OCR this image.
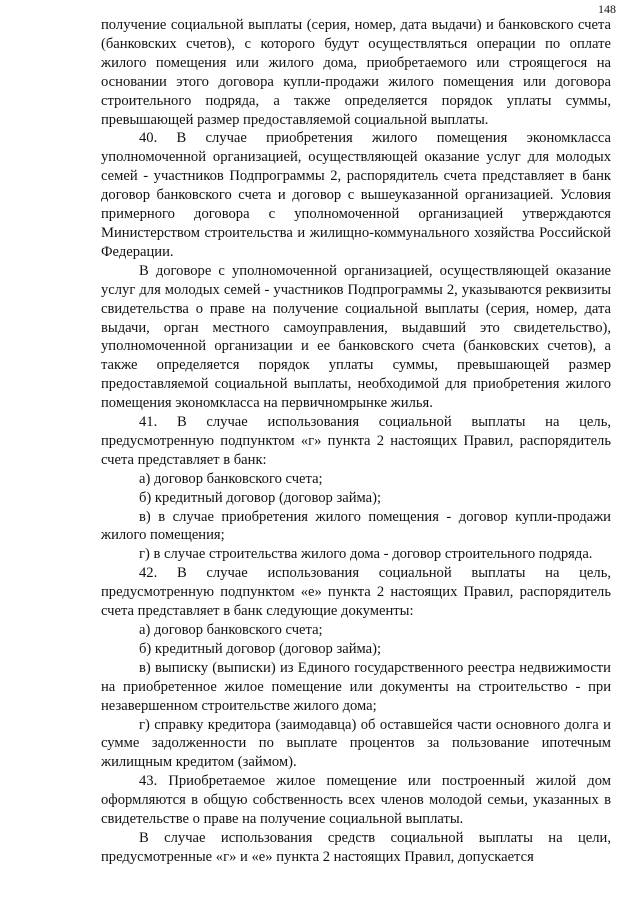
148

получение социальной выплаты (серия, номер, дата выдачи) и банковского счета (банковских счетов), с которого будут осуществляться операции по оплате жилого помещения или жилого дома, приобретаемого или строящегося на основании этого договора купли-продажи жилого помещения или договора строительного подряда, а также определяется порядок уплаты суммы, превышающей размер предоставляемой социальной выплаты.

40. В случае приобретения жилого помещения экономкласса уполномоченной организацией, осуществляющей оказание услуг для молодых семей - участников Подпрограммы 2, распорядитель счета представляет в банк договор банковского счета и договор с вышеуказанной организацией. Условия примерного договора с уполномоченной организацией утверждаются Министерством строительства и жилищно-коммунального хозяйства Российской Федерации.

В договоре с уполномоченной организацией, осуществляющей оказание услуг для молодых семей - участников Подпрограммы 2, указываются реквизиты свидетельства о праве на получение социальной выплаты (серия, номер, дата выдачи, орган местного самоуправления, выдавший это свидетельство), уполномоченной организации и ее банковского счета (банковских счетов), а также определяется порядок уплаты суммы, превышающей размер предоставляемой социальной выплаты, необходимой для приобретения жилого помещения экономкласса на первичномрынке жилья.

41. В случае использования социальной выплаты на цель, предусмотренную подпунктом «г» пункта 2 настоящих Правил, распорядитель счета представляет в банк:

а) договор банковского счета;

б) кредитный договор (договор займа);

в) в случае приобретения жилого помещения - договор купли-продажи жилого помещения;

г) в случае строительства жилого дома - договор строительного подряда.

42. В случае использования социальной выплаты на цель, предусмотренную подпунктом «е» пункта 2 настоящих Правил, распорядитель счета представляет в банк следующие документы:

а) договор банковского счета;

б) кредитный договор (договор займа);

в) выписку (выписки) из Единого государственного реестра недвижимости на приобретенное жилое помещение или документы на строительство - при незавершенном строительстве жилого дома;

г) справку кредитора (заимодавца) об оставшейся части основного долга и сумме задолженности по выплате процентов за пользование ипотечным жилищным кредитом (займом).

43. Приобретаемое жилое помещение или построенный жилой дом оформляются в общую собственность всех членов молодой семьи, указанных в свидетельстве о праве на получение социальной выплаты.

В случае использования средств социальной выплаты на цели, предусмотренные «г» и «е» пункта 2 настоящих Правил, допускается
